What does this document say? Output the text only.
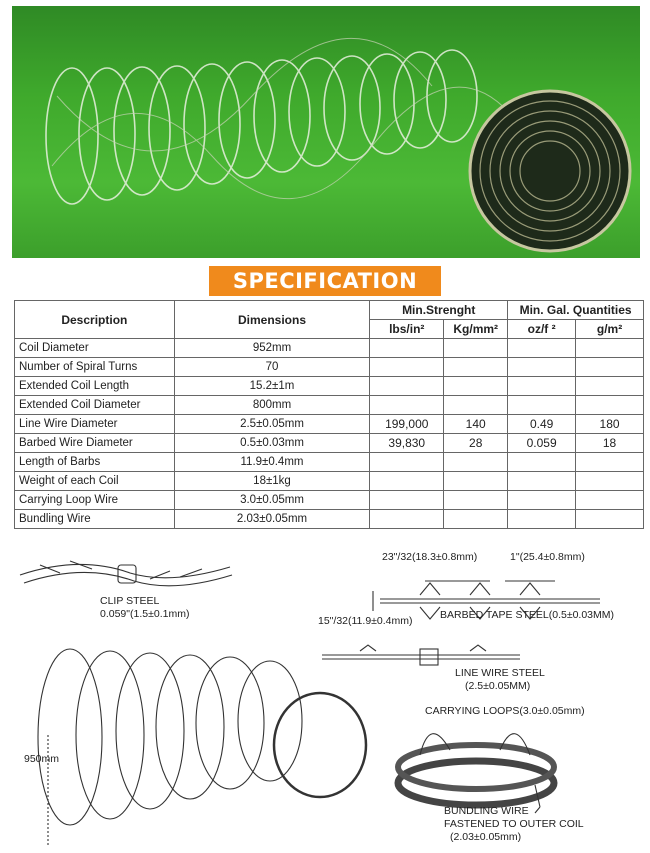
SPECIFICATION
Description	Dimensions	Min.Strenght		Min. Gal. Quantities	
		lbs/in²	Kg/mm²	oz/f ²	g/m²
Coil Diameter	952mm				
Number of Spiral Turns	70				
Extended Coil Length	15.2±1m				
Extended Coil Diameter	800mm				
Line Wire Diameter	2.5±0.05mm	199,000	140	0.49	180
Barbed Wire Diameter	0.5±0.03mm	39,830	28	0.059	18
Length of Barbs	11.9±0.4mm				
Weight of each Coil	18±1kg				
Carrying Loop Wire	3.0±0.05mm				
Bundling Wire	2.03±0.05mm				
CLIP STEEL
0.059"(1.5±0.1mm)
23"/32(18.3±0.8mm)	1"(25.4±0.8mm)
15"/32(11.9±0.4mm)	BARBED TAPE STEEL(0.5±0.03MM)
LINE WIRE STEEL
(2.5±0.05MM)
950mm
CARRYING LOOPS(3.0±0.05mm)
BUNDLING WIRE
FASTENED TO OUTER COIL
(2.03±0.05mm)
